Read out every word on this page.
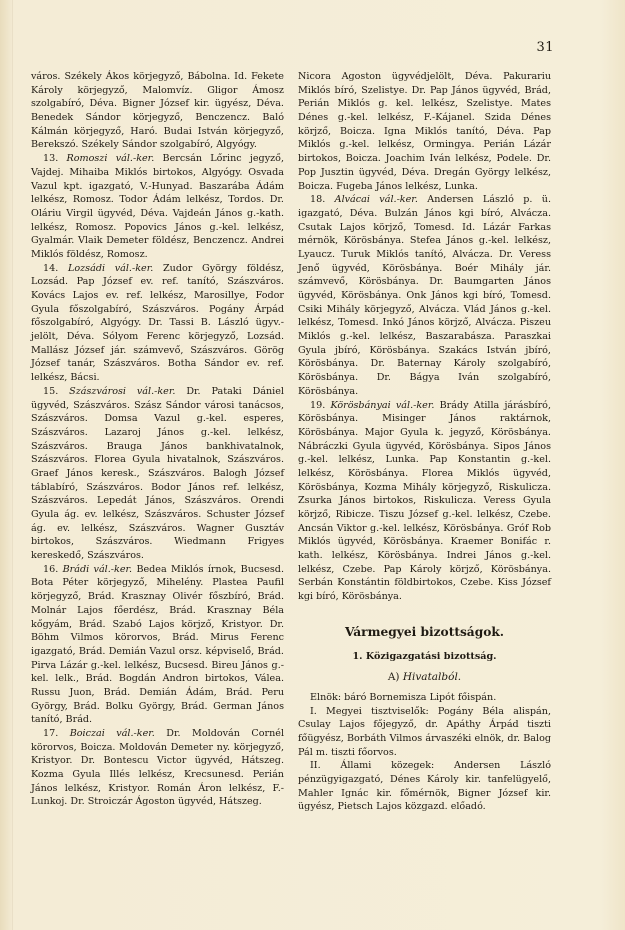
31

város. Székely Ákos körjegyző, Bábolna. Id. Fekete Károly körjegyző, Malomvíz. Gligor Ámosz szolgabíró, Déva. Bigner József kir. ügyész, Déva. Benedek Sándor körjegyző, Benczencz. Baló Kálmán körjegyző, Haró. Budai István körjegyző, Berekszó. Székely Sándor szolgabíró, Algyógy.

13. Romoszi vál.-ker. Bercsán Lőrinc jegyző, Vajdej. Mihaiba Miklós birtokos, Algyógy. Osvada Vazul kpt. igazgató, V.-Hunyad. Baszarába Ádám lelkész, Romosz. Todor Ádám lelkész, Tordos. Dr. Oláriu Virgil ügyvéd, Déva. Vajdeán János g.-kath. lelkész, Romosz. Popovics János g.-kel. lelkész, Gyalmár. Vlaik Demeter földész, Benczencz. Andrei Miklós földész, Romosz.

14. Lozsádi vál.-ker. Zudor György földész, Lozsád. Pap József ev. ref. tanító, Szászváros. Kovács Lajos ev. ref. lelkész, Marosillye, Fodor Gyula főszolgabíró, Szászváros. Pogány Árpád főszolgabíró, Algyógy. Dr. Tassi B. László ügyv.-jelölt, Déva. Sólyom Ferenc körjegyző, Lozsád. Mallász József jár. számvevő, Szászváros. Görög József tanár, Szászváros. Botha Sándor ev. ref. lelkész, Bácsi.

15. Szászvárosi vál.-ker. Dr. Pataki Dániel ügyvéd, Szászváros. Szász Sándor városi tanácsos, Szászváros. Domsa Vazul g.-kel. esperes, Szászváros. Lazaroj János g.-kel. lelkész, Szászváros. Brauga János bankhivatalnok, Szászváros. Florea Gyula hivatalnok, Szászváros. Graef János keresk., Szászváros. Balogh József táblabíró, Szászváros. Bodor János ref. lelkész, Szászváros. Lepedát János, Szászváros. Orendi Gyula ág. ev. lelkész, Szászváros. Schuster József ág. ev. lelkész, Szászváros. Wagner Gusztáv birtokos, Szászváros. Wiedmann Frigyes kereskedő, Szászváros.

16. Brádi vál.-ker. Bedea Miklós írnok, Bucsesd. Bota Péter körjegyző, Mihelény. Plastea Paufil körjegyző, Brád. Krasznay Olivér főszbíró, Brád. Molnár Lajos főerdész, Brád. Krasznay Béla kőgyám, Brád. Szabó Lajos körjző, Kristyor. Dr. Böhm Vilmos körorvos, Brád. Mirus Ferenc igazgató, Brád. Demián Vazul orsz. képviselő, Brád. Pirva Lázár g.-kel. lelkész, Bucsesd. Bireu János g.-kel. lelk., Brád. Bogdán Andron birtokos, Válea. Russu Juon, Brád. Demián Ádám, Brád. Peru György, Brád. Bolku György, Brád. German János tanító, Brád.

17. Boiczai vál.-ker. Dr. Moldován Cornél körorvos, Boicza. Moldován Demeter ny. körjegyző, Kristyor. Dr. Bontescu Victor ügyvéd, Hátszeg. Kozma Gyula Illés lelkész, Krecsunesd. Perián János lelkész, Kristyor. Román Áron lelkész, F.-Lunkoj. Dr. Stroiczár Ágoston ügyvéd, Hátszeg.

Nicora Agoston ügyvédjelölt, Déva. Pakurariu Miklós bíró, Szelistye. Dr. Pap János ügyvéd, Brád, Perián Miklós g. kel. lelkész, Szelistye. Mates Dénes g.-kel. lelkész, F.-Kájanel. Szida Dénes körjző, Boicza. Igna Miklós tanító, Déva. Pap Miklós g.-kel. lelkész, Ormingya. Perián Lázár birtokos, Boicza. Joachim Iván lelkész, Podele. Dr. Pop Jusztin ügyvéd, Déva. Dregán György lelkész, Boicza. Fugeba János lelkész, Lunka.

18. Alvácai vál.-ker. Andersen László p. ü. igazgató, Déva. Bulzán János kgi bíró, Alvácza. Csutak Lajos körjző, Tomesd. Id. Lázár Farkas mérnök, Körösbánya. Stefea János g.-kel. lelkész, Lyaucz. Turuk Miklós tanító, Alvácza. Dr. Veress Jenő ügyvéd, Körösbánya. Boér Mihály jár. számvevő, Körösbánya. Dr. Baumgarten János ügyvéd, Körösbánya. Onk János kgi bíró, Tomesd. Csiki Mihály körjegyző, Alvácza. Vlád János g.-kel. lelkész, Tomesd. Inkó János körjző, Alvácza. Piszeu Miklós g.-kel. lelkész, Baszarabásza. Paraszkai Gyula jbíró, Körösbánya. Szakács István jbíró, Körösbánya. Dr. Baternay Károly szolgabíró, Körösbánya. Dr. Bágya Iván szolgabíró, Körösbánya.

19. Körösbányai vál.-ker. Brády Atilla járásbíró, Körösbánya. Misinger János raktárnok, Körösbánya. Major Gyula k. jegyző, Körösbánya. Nábráczki Gyula ügyvéd, Körösbánya. Sipos János g.-kel. lelkész, Lunka. Pap Konstantin g.-kel. lelkész, Körösbánya. Florea Miklós ügyvéd, Körösbánya, Kozma Mihály körjegyző, Riskulicza. Zsurka János birtokos, Riskulicza. Veress Gyula körjző, Ribicze. Tiszu József g.-kel. lelkész, Czebe. Ancsán Viktor g.-kel. lelkész, Körösbánya. Gróf Rob Miklós ügyvéd, Körösbánya. Kraemer Bonifác r. kath. lelkész, Körösbánya. Indrei János g.-kel. lelkész, Czebe. Pap Károly körjző, Körösbánya. Serbán Konstántin földbirtokos, Czebe. Kiss József kgi bíró, Körösbánya.

Vármegyei bizottságok.

1. Közigazgatási bizottság.

A) Hivatalból.

Elnök: báró Bornemisza Lipót főispán.

I. Megyei tisztviselők: Pogány Béla alispán, Csulay Lajos főjegyző, dr. Apáthy Árpád tiszti főügyész, Borbáth Vilmos árvaszéki elnök, dr. Balog Pál m. tiszti főorvos.

II. Állami közegek: Andersen László pénzügyigazgató, Dénes Károly kir. tanfelügyelő, Mahler Ignác kir. főmérnök, Bigner József kir. ügyész, Pietsch Lajos közgazd. előadó.
